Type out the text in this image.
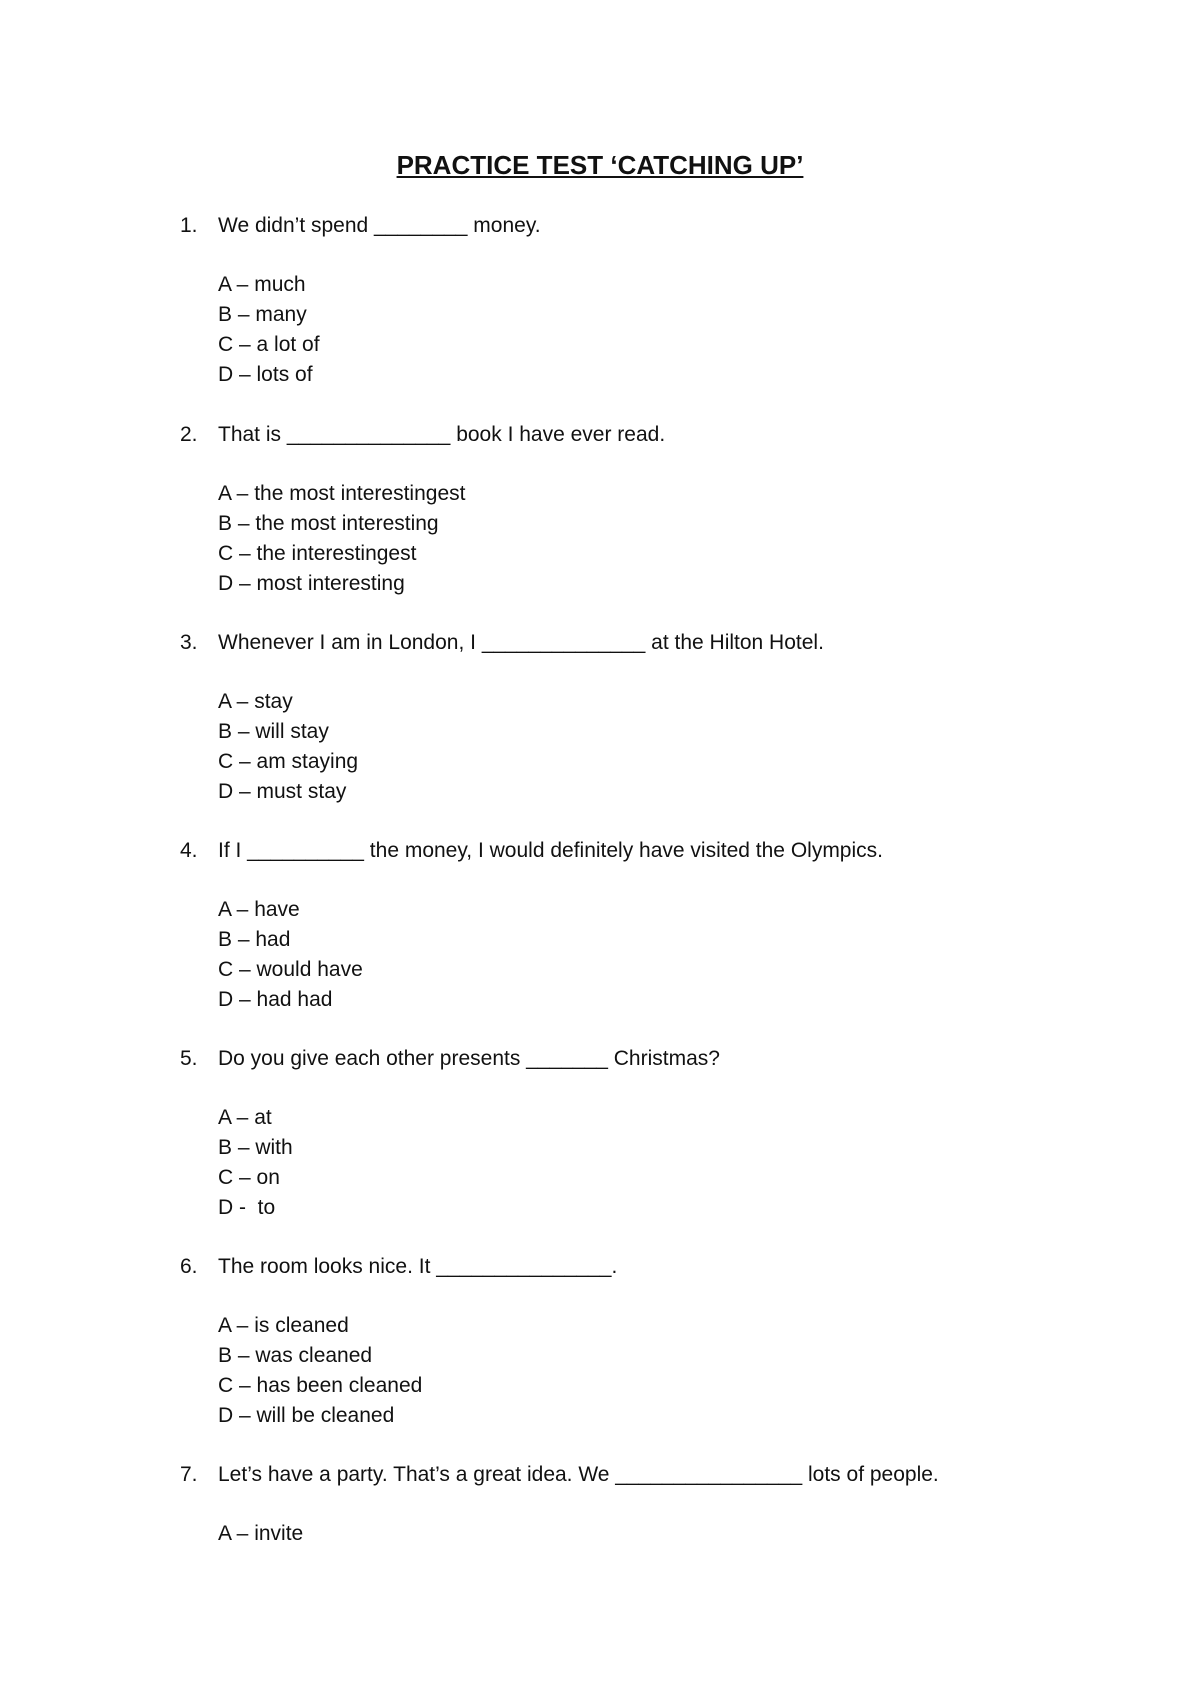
PRACTICE TEST ‘CATCHING UP’
1. We didn’t spend ________ money.
A – much
B – many
C – a lot of
D – lots of
2. That is ______________ book I have ever read.
A – the most interestingest
B – the most interesting
C – the interestingest
D – most interesting
3. Whenever I am in London, I ______________ at the Hilton Hotel.
A – stay
B – will stay
C – am staying
D – must stay
4. If I __________ the money, I would definitely have visited the Olympics.
A – have
B – had
C – would have
D – had had
5. Do you give each other presents _______ Christmas?
A – at
B – with
C – on
D -  to
6. The room looks nice. It _______________.
A – is cleaned
B – was cleaned
C – has been cleaned
D – will be cleaned
7. Let’s have a party. That’s a great idea. We ________________ lots of people.
A – invite
